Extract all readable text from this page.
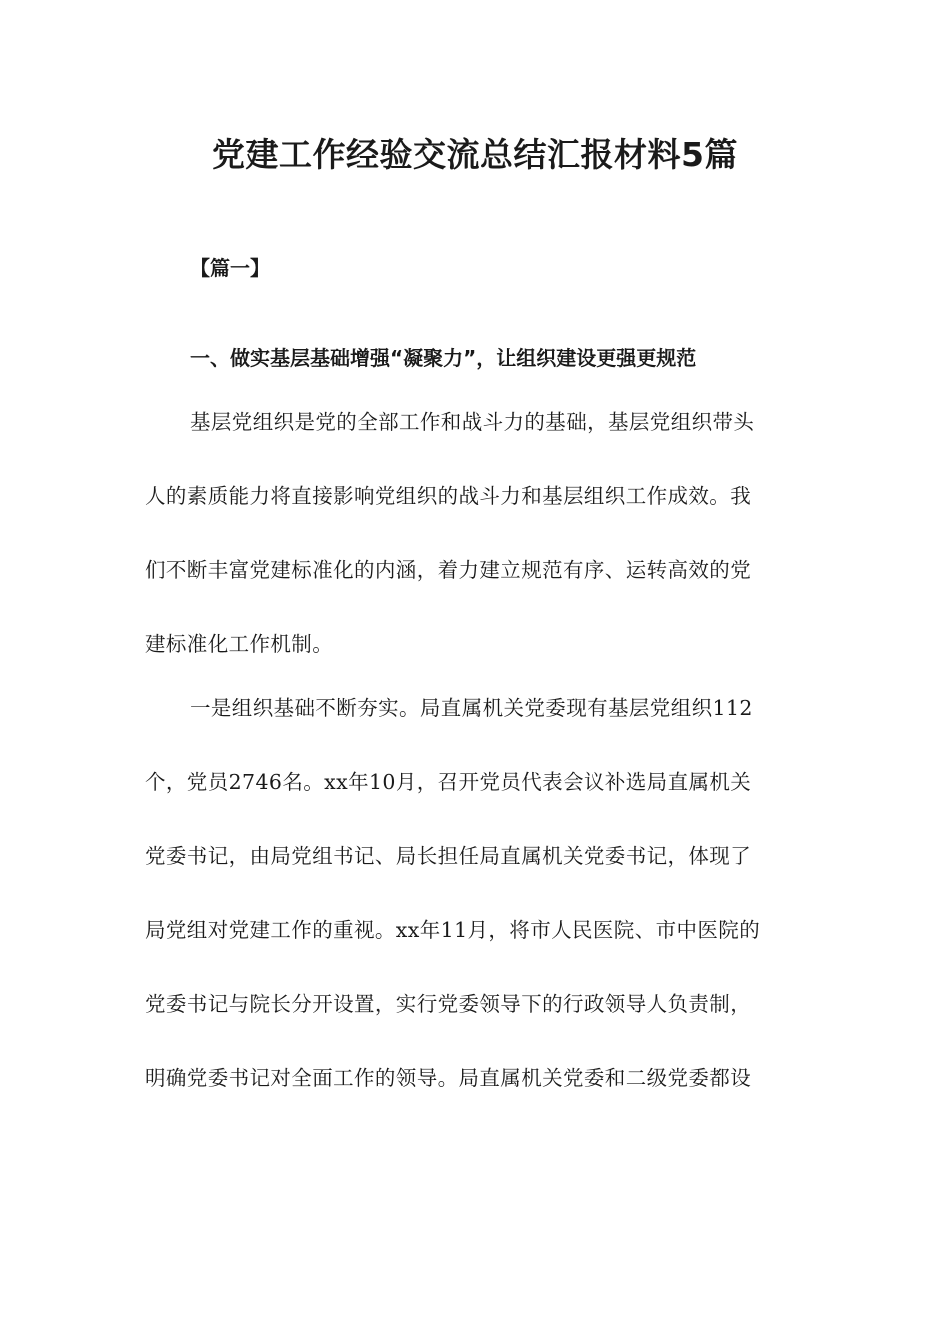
党建工作经验交流总结汇报材料5篇
【篇一】
一、做实基层基础增强“凝聚力”，让组织建设更强更规范
基层党组织是党的全部工作和战斗力的基础，基层党组织带头
人的素质能力将直接影响党组织的战斗力和基层组织工作成效。我
们不断丰富党建标准化的内涵，着力建立规范有序、运转高效的党
建标准化工作机制。
一是组织基础不断夯实。局直属机关党委现有基层党组织112
个，党员2746名。xx年10月，召开党员代表会议补选局直属机关
党委书记，由局党组书记、局长担任局直属机关党委书记，体现了
局党组对党建工作的重视。xx年11月，将市人民医院、市中医院的
党委书记与院长分开设置，实行党委领导下的行政领导人负责制，
明确党委书记对全面工作的领导。局直属机关党委和二级党委都设
